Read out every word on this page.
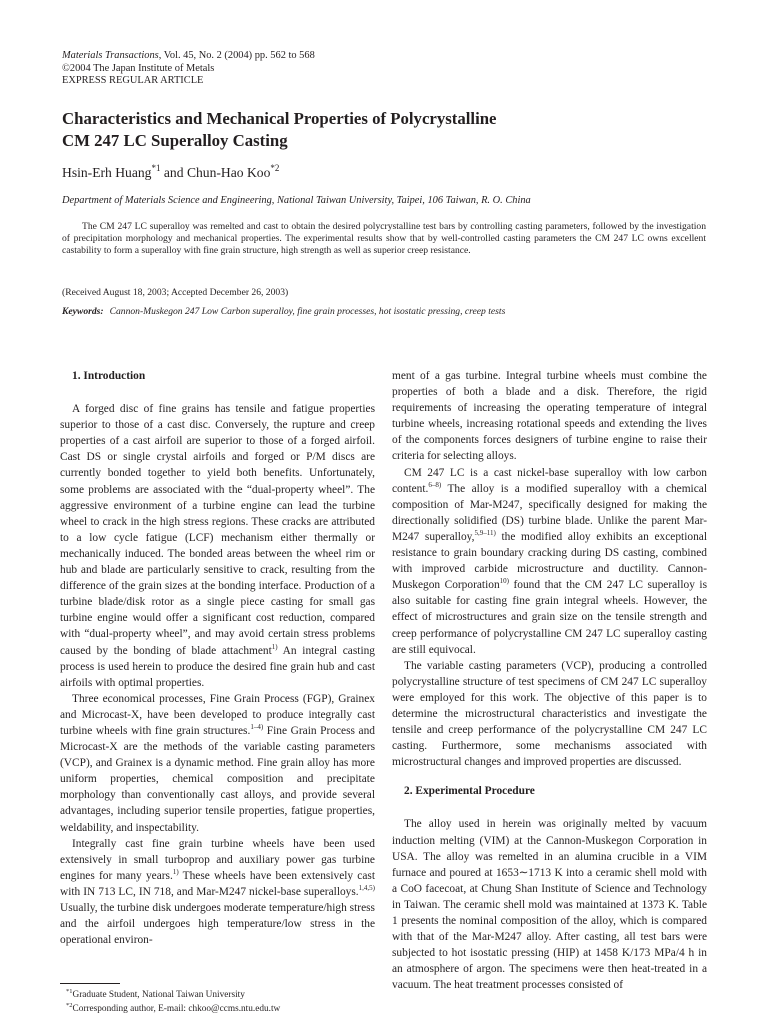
Materials Transactions, Vol. 45, No. 2 (2004) pp. 562 to 568
©2004 The Japan Institute of Metals
EXPRESS REGULAR ARTICLE
Characteristics and Mechanical Properties of Polycrystalline
CM 247 LC Superalloy Casting
Hsin-Erh Huang$^{*1}$ and Chun-Hao Koo$^{*2}$
Department of Materials Science and Engineering, National Taiwan University, Taipei, 106 Taiwan, R. O. China

The CM 247 LC superalloy was remelted and cast to obtain the desired polycrystalline test bars by controlling casting parameters, followed by the investigation of precipitation morphology and mechanical properties. The experimental results show that by well-controlled casting parameters the CM 247 LC owns excellent castability to form a superalloy with fine grain structure, high strength as well as superior creep resistance.

(Received August 18, 2003; Accepted December 26, 2003)
Keywords: Cannon-Muskegon 247 Low Carbon superalloy, fine grain processes, hot isostatic pressing, creep tests

1. Introduction

A forged disc of fine grains has tensile and fatigue properties superior to those of a cast disc. Conversely, the rupture and creep properties of a cast airfoil are superior to those of a forged airfoil. Cast DS or single crystal airfoils and forged or P/M discs are currently bonded together to yield both benefits. Unfortunately, some problems are associated with the “dual-property wheel”. The aggressive environment of a turbine engine can lead the turbine wheel to crack in the high stress regions. These cracks are attributed to a low cycle fatigue (LCF) mechanism either thermally or mechanically induced. The bonded areas between the wheel rim or hub and blade are particularly sensitive to crack, resulting from the difference of the grain sizes at the bonding interface. Production of a turbine blade/disk rotor as a single piece casting for small gas turbine engine would offer a significant cost reduction, compared with “dual-property wheel”, and may avoid certain stress problems caused by the bonding of blade attachment$^{1)}$ An integral casting process is used herein to produce the desired fine grain hub and cast airfoils with optimal properties.

Three economical processes, Fine Grain Process (FGP), Grainex and Microcast-X, have been developed to produce integrally cast turbine wheels with fine grain structures.$^{1-4)}$ Fine Grain Process and Microcast-X are the methods of the variable casting parameters (VCP), and Grainex is a dynamic method. Fine grain alloy has more uniform properties, chemical composition and precipitate morphology than conventionally cast alloys, and provide several advantages, including superior tensile properties, fatigue properties, weldability, and inspectability.

Integrally cast fine grain turbine wheels have been used extensively in small turboprop and auxiliary power gas turbine engines for many years.$^{1)}$ These wheels have been extensively cast with IN 713 LC, IN 718, and Mar-M247 nickel-base superalloys.$^{1,4,5)}$ Usually, the turbine disk undergoes moderate temperature/high stress and the airfoil undergoes high temperature/low stress in the operational environ-

ment of a gas turbine. Integral turbine wheels must combine the properties of both a blade and a disk. Therefore, the rigid requirements of increasing the operating temperature of integral turbine wheels, increasing rotational speeds and extending the lives of the components forces designers of turbine engine to raise their criteria for selecting alloys.

CM 247 LC is a cast nickel-base superalloy with low carbon content.$^{6-8)}$ The alloy is a modified superalloy with a chemical composition of Mar-M247, specifically designed for making the directionally solidified (DS) turbine blade. Unlike the parent Mar-M247 superalloy,$^{5,9-11)}$ the modified alloy exhibits an exceptional resistance to grain boundary cracking during DS casting, combined with improved carbide microstructure and ductility. Cannon-Muskegon Corporation$^{10)}$ found that the CM 247 LC superalloy is also suitable for casting fine grain integral wheels. However, the effect of microstructures and grain size on the tensile strength and creep performance of polycrystalline CM 247 LC superalloy casting are still equivocal.

The variable casting parameters (VCP), producing a controlled polycrystalline structure of test specimens of CM 247 LC superalloy were employed for this work. The objective of this paper is to determine the microstructural characteristics and investigate the tensile and creep performance of the polycrystalline CM 247 LC casting. Furthermore, some mechanisms associated with microstructural changes and improved properties are discussed.

2. Experimental Procedure

The alloy used in herein was originally melted by vacuum induction melting (VIM) at the Cannon-Muskegon Corporation in USA. The alloy was remelted in an alumina crucible in a VIM furnace and poured at 1653∼1713 K into a ceramic shell mold with a CoO facecoat, at Chung Shan Institute of Science and Technology in Taiwan. The ceramic shell mold was maintained at 1373 K. Table 1 presents the nominal composition of the alloy, which is compared with that of the Mar-M247 alloy. After casting, all test bars were subjected to hot isostatic pressing (HIP) at 1458 K/173 MPa/4 h in an atmosphere of argon. The specimens were then heat-treated in a vacuum. The heat treatment processes consisted of

$^{*1}$Graduate Student, National Taiwan University
$^{*2}$Corresponding author, E-mail: chkoo@ccms.ntu.edu.tw
